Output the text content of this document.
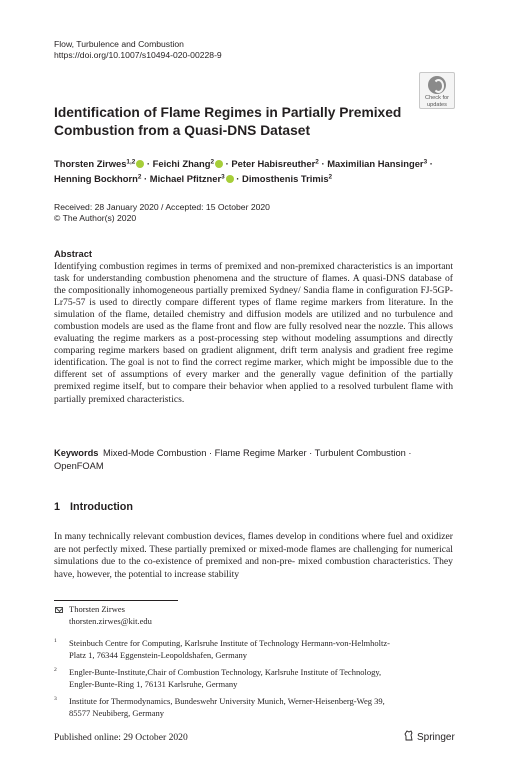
Flow, Turbulence and Combustion
https://doi.org/10.1007/s10494-020-00228-9
Check for
updates
Identification of Flame Regimes in Partially Premixed
Combustion from a Quasi-DNS Dataset
Thorsten Zirwes$^{1,2}$ · Feichi Zhang$^2$ · Peter Habisreuther$^2$ · Maximilian Hansinger$^3$ ·
Henning Bockhorn$^2$ · Michael Pfitzner$^3$ · Dimosthenis Trimis$^2$
Received: 28 January 2020 / Accepted: 15 October 2020
© The Author(s) 2020
Abstract

Identifying combustion regimes in terms of premixed and non-premixed characteristics is an important task for understanding combustion phenomena and the structure of flames. A quasi-DNS database of the compositionally inhomogeneous partially premixed Sydney/ Sandia flame in configuration FJ-5GP-Lr75-57 is used to directly compare different types of flame regime markers from literature. In the simulation of the flame, detailed chemistry and diffusion models are utilized and no turbulence and combustion models are used as the flame front and flow are fully resolved near the nozzle. This allows evaluating the regime markers as a post-processing step without modeling assumptions and directly comparing regime markers based on gradient alignment, drift term analysis and gradient free regime identification. The goal is not to find the correct regime marker, which might be impossible due to the different set of assumptions of every marker and the generally vague definition of the partially premixed regime itself, but to compare their behavior when applied to a resolved turbulent flame with partially premixed characteristics.

Keywords Mixed-Mode Combustion · Flame Regime Marker · Turbulent Combustion ·
OpenFOAM
1 Introduction

In many technically relevant combustion devices, flames develop in conditions where fuel and oxidizer are not perfectly mixed. These partially premixed or mixed-mode flames are challenging for numerical simulations due to the co-existence of premixed and non-pre- mixed combustion characteristics. They have, however, the potential to increase stability

Thorsten Zirwes
thorsten.zirwes@kit.edu
1 Steinbuch Centre for Computing, Karlsruhe Institute of Technology Hermann-von-Helmholtz-
Platz 1, 76344 Eggenstein-Leopoldshafen, Germany
2 Engler-Bunte-Institute,Chair of Combustion Technology, Karlsruhe Institute of Technology,
Engler-Bunte-Ring 1, 76131 Karlsruhe, Germany
3 Institute for Thermodynamics, Bundeswehr University Munich, Werner-Heisenberg-Weg 39,
85577 Neubiberg, Germany
Published online: 29 October 2020	Springer
